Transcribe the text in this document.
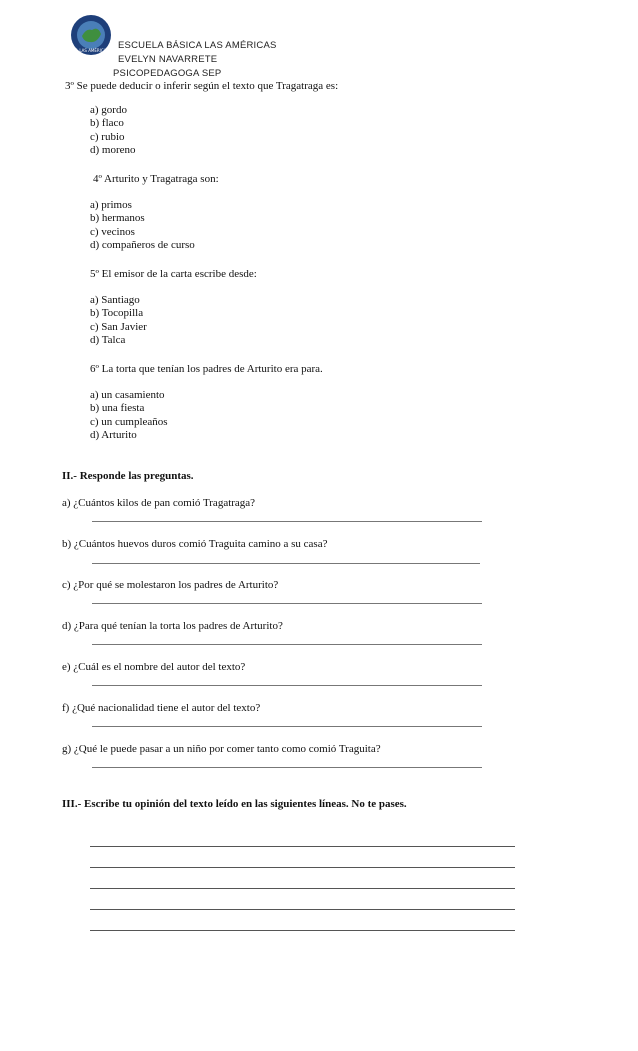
ESCUELA LAS AMÉRICAS Maipú
ESCUELA BÁSICA LAS AMÉRICAS
EVELYN NAVARRETE
PSICOPEDAGOGA SEP
3º Se puede deducir o inferir según el texto que Tragatraga es:
a) gordo
b) flaco
c) rubio
d) moreno
4º Arturito y Tragatraga son:
a) primos
b) hermanos
c) vecinos
d) compañeros de curso
5º El emisor de la carta escribe desde:
a) Santiago
b) Tocopilla
c) San Javier
d) Talca
6º La torta que tenían los padres de Arturito era para.
a) un casamiento
b) una fiesta
c) un cumpleaños
d) Arturito
II.- Responde las preguntas.
a) ¿Cuántos kilos de pan comió Tragatraga?
b) ¿Cuántos huevos duros comió Traguita camino a su casa?
c) ¿Por qué se molestaron los padres de Arturito?
d) ¿Para qué tenían la torta los padres de Arturito?
e) ¿Cuál es el nombre del autor del texto?
f) ¿Qué nacionalidad tiene el autor del texto?
g) ¿Qué le puede pasar a un niño por comer tanto como comió Traguita?
III.- Escribe tu opinión del texto leído en las siguientes líneas. No te pases.
